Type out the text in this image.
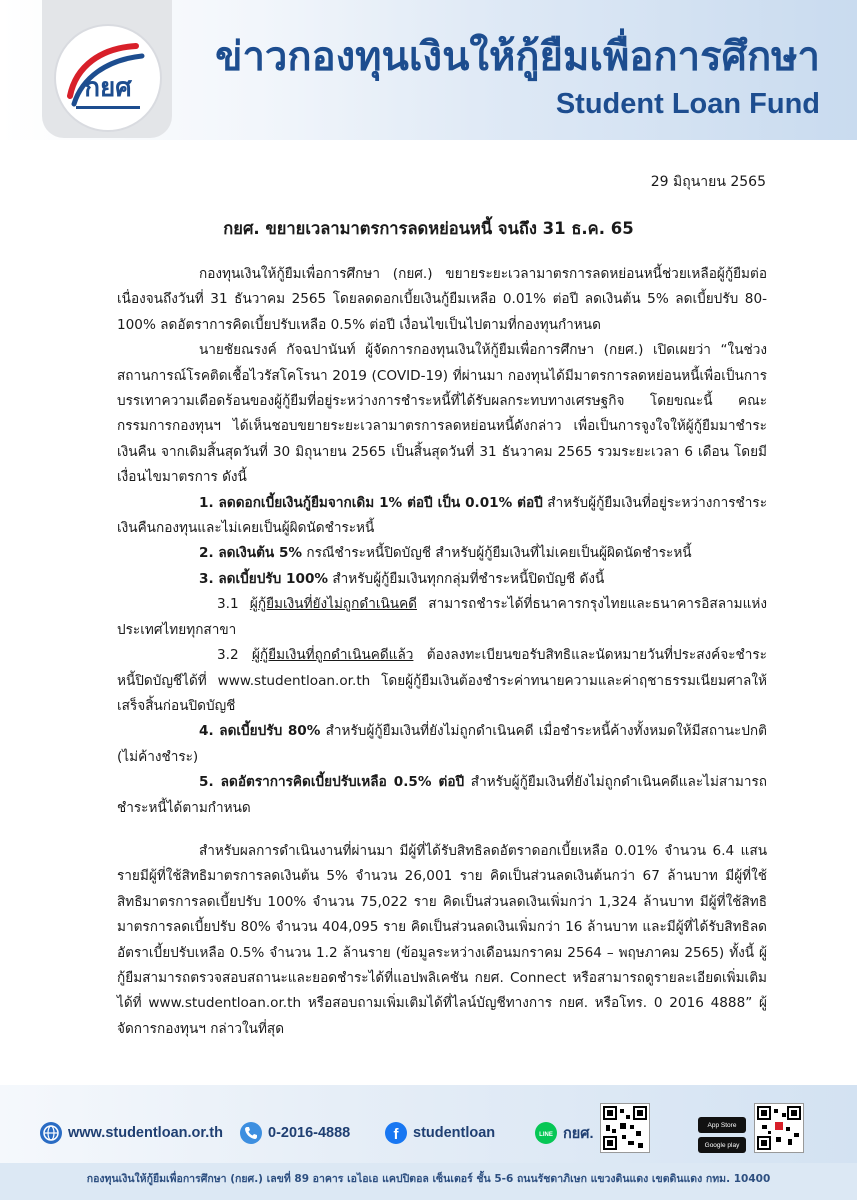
กยศ
ข่าวกองทุนเงินให้กู้ยืมเพื่อการศึกษา
Student Loan Fund
29 มิถุนายน 2565
กยศ. ขยายเวลามาตรการลดหย่อนหนี้ จนถึง 31 ธ.ค. 65

กองทุนเงินให้กู้ยืมเพื่อการศึกษา (กยศ.) ขยายระยะเวลามาตรการลดหย่อนหนี้ช่วยเหลือผู้กู้ยืมต่อเนื่องจนถึงวันที่ 31 ธันวาคม 2565 โดยลดดอกเบี้ยเงินกู้ยืมเหลือ 0.01% ต่อปี ลดเงินต้น 5% ลดเบี้ยปรับ 80-100% ลดอัตราการคิดเบี้ยปรับเหลือ 0.5% ต่อปี เงื่อนไขเป็นไปตามที่กองทุนกำหนด

นายชัยณรงค์ กัจฉปานันท์ ผู้จัดการกองทุนเงินให้กู้ยืมเพื่อการศึกษา (กยศ.) เปิดเผยว่า “ในช่วงสถานการณ์โรคติดเชื้อไวรัสโคโรนา 2019 (COVID-19) ที่ผ่านมา กองทุนได้มีมาตรการลดหย่อนหนี้เพื่อเป็นการบรรเทาความเดือดร้อนของผู้กู้ยืมที่อยู่ระหว่างการชำระหนี้ที่ได้รับผลกระทบทางเศรษฐกิจ โดยขณะนี้ คณะกรรมการกองทุนฯ ได้เห็นชอบขยายระยะเวลามาตรการลดหย่อนหนี้ดังกล่าว เพื่อเป็นการจูงใจให้ผู้กู้ยืมมาชำระเงินคืน จากเดิมสิ้นสุดวันที่ 30 มิถุนายน 2565 เป็นสิ้นสุดวันที่ 31 ธันวาคม 2565 รวมระยะเวลา 6 เดือน โดยมีเงื่อนไขมาตรการ ดังนี้

1. ลดดอกเบี้ยเงินกู้ยืมจากเดิม 1% ต่อปี เป็น 0.01% ต่อปี สำหรับผู้กู้ยืมเงินที่อยู่ระหว่างการชำระเงินคืนกองทุนและไม่เคยเป็นผู้ผิดนัดชำระหนี้

2. ลดเงินต้น 5% กรณีชำระหนี้ปิดบัญชี สำหรับผู้กู้ยืมเงินที่ไม่เคยเป็นผู้ผิดนัดชำระหนี้

3. ลดเบี้ยปรับ 100% สำหรับผู้กู้ยืมเงินทุกกลุ่มที่ชำระหนี้ปิดบัญชี ดังนี้

3.1 ผู้กู้ยืมเงินที่ยังไม่ถูกดำเนินคดี สามารถชำระได้ที่ธนาคารกรุงไทยและธนาคารอิสลามแห่งประเทศไทยทุกสาขา

3.2 ผู้กู้ยืมเงินที่ถูกดำเนินคดีแล้ว ต้องลงทะเบียนขอรับสิทธิและนัดหมายวันที่ประสงค์จะชำระหนี้ปิดบัญชีได้ที่ www.studentloan.or.th โดยผู้กู้ยืมเงินต้องชำระค่าทนายความและค่าฤชาธรรมเนียมศาลให้เสร็จสิ้นก่อนปิดบัญชี

4. ลดเบี้ยปรับ 80% สำหรับผู้กู้ยืมเงินที่ยังไม่ถูกดำเนินคดี เมื่อชำระหนี้ค้างทั้งหมดให้มีสถานะปกติ (ไม่ค้างชำระ)

5. ลดอัตราการคิดเบี้ยปรับเหลือ 0.5% ต่อปี สำหรับผู้กู้ยืมเงินที่ยังไม่ถูกดำเนินคดีและไม่สามารถชำระหนี้ได้ตามกำหนด

สำหรับผลการดำเนินงานที่ผ่านมา มีผู้ที่ได้รับสิทธิลดอัตราดอกเบี้ยเหลือ 0.01% จำนวน 6.4 แสนรายมีผู้ที่ใช้สิทธิมาตรการลดเงินต้น 5% จำนวน 26,001 ราย คิดเป็นส่วนลดเงินต้นกว่า 67 ล้านบาท มีผู้ที่ใช้สิทธิมาตรการลดเบี้ยปรับ 100% จำนวน 75,022 ราย คิดเป็นส่วนลดเงินเพิ่มกว่า 1,324 ล้านบาท มีผู้ที่ใช้สิทธิมาตรการลดเบี้ยปรับ 80% จำนวน 404,095 ราย คิดเป็นส่วนลดเงินเพิ่มกว่า 16 ล้านบาท และมีผู้ที่ได้รับสิทธิลดอัตราเบี้ยปรับเหลือ 0.5% จำนวน 1.2 ล้านราย (ข้อมูลระหว่างเดือนมกราคม 2564 – พฤษภาคม 2565) ทั้งนี้ ผู้กู้ยืมสามารถตรวจสอบสถานะและยอดชำระได้ที่แอปพลิเคชัน กยศ. Connect หรือสามารถดูรายละเอียดเพิ่มเติมได้ที่ www.studentloan.or.th หรือสอบถามเพิ่มเติมได้ที่ไลน์บัญชีทางการ กยศ. หรือโทร. 0 2016 4888” ผู้จัดการกองทุนฯ กล่าวในที่สุด

www.studentloan.or.th	0-2016-4888	f studentloan	LINE กยศ.
App Store
Google play
กองทุนเงินให้กู้ยืมเพื่อการศึกษา (กยศ.) เลขที่ 89 อาคาร เอไอเอ แคปปิตอล เซ็นเตอร์ ชั้น 5-6 ถนนรัชดาภิเษก แขวงดินแดง เขตดินแดง กทม. 10400
